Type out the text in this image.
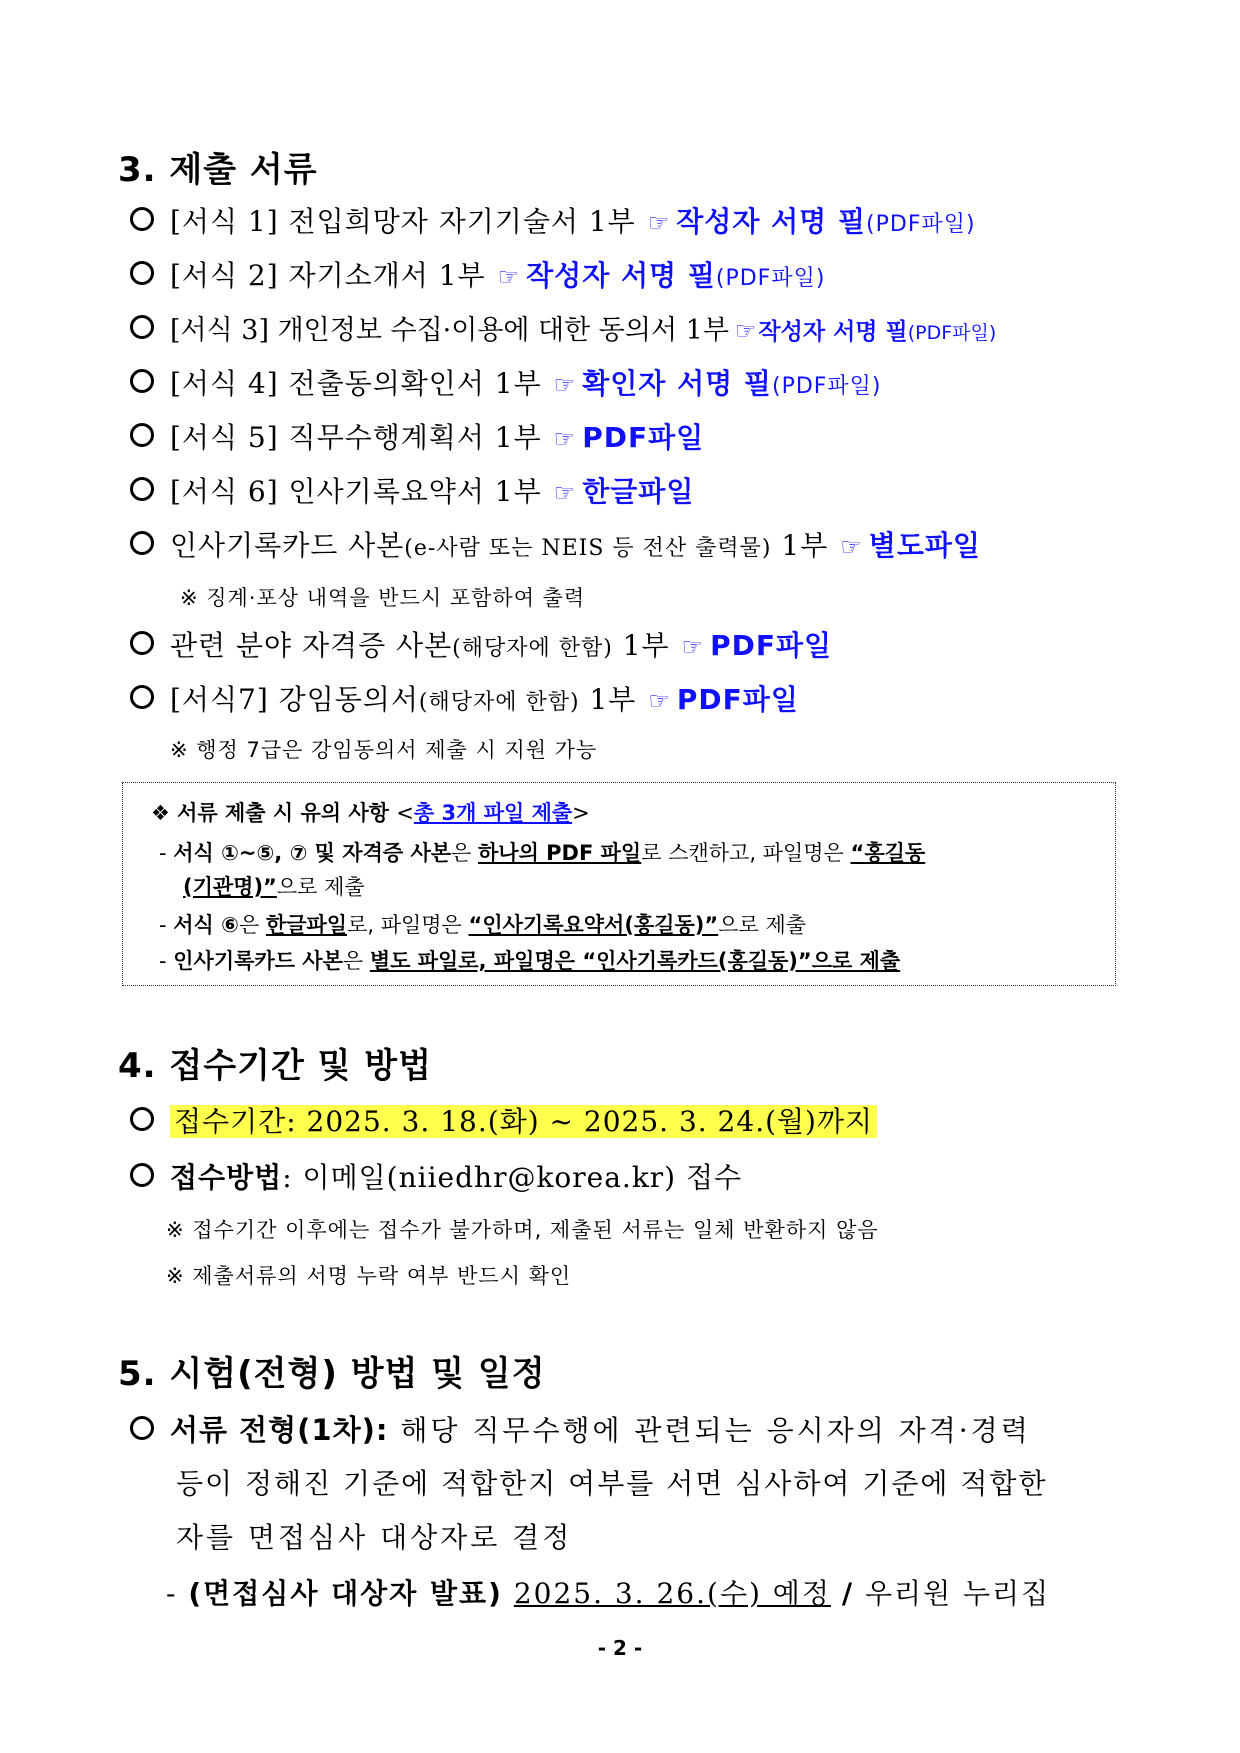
3. 제출 서류
[서식 1] 전입희망자 자기기술서 1부 ☞ 작성자 서명 필(PDF파일)
[서식 2] 자기소개서 1부 ☞ 작성자 서명 필(PDF파일)
[서식 3] 개인정보 수집·이용에 대한 동의서 1부 ☞작성자 서명 필(PDF파일)
[서식 4] 전출동의확인서 1부 ☞ 확인자 서명 필(PDF파일)
[서식 5] 직무수행계획서 1부 ☞ PDF파일
[서식 6] 인사기록요약서 1부 ☞ 한글파일
인사기록카드 사본(e-사람 또는 NEIS 등 전산 출력물) 1부 ☞ 별도파일
※ 징계·포상 내역을 반드시 포함하여 출력
관련 분야 자격증 사본(해당자에 한함) 1부 ☞ PDF파일
[서식7] 강임동의서(해당자에 한함) 1부 ☞ PDF파일
※ 행정 7급은 강임동의서 제출 시 지원 가능
❖ 서류 제출 시 유의 사항 <총 3개 파일 제출>
- 서식 ①~⑤, ⑦ 및 자격증 사본은 하나의 PDF 파일로 스캔하고, 파일명은 “홍길동
(기관명)”으로 제출
- 서식 ⑥은 한글파일로, 파일명은 “인사기록요약서(홍길동)”으로 제출
- 인사기록카드 사본은 별도 파일로, 파일명은 “인사기록카드(홍길동)”으로 제출
4. 접수기간 및 방법
접수기간: 2025. 3. 18.(화) ~ 2025. 3. 24.(월)까지
접수방법: 이메일(niiedhr@korea.kr) 접수
※ 접수기간 이후에는 접수가 불가하며, 제출된 서류는 일체 반환하지 않음
※ 제출서류의 서명 누락 여부 반드시 확인
5. 시험(전형) 방법 및 일정
서류 전형(1차): 해당 직무수행에 관련되는 응시자의 자격·경력
등이 정해진 기준에 적합한지 여부를 서면 심사하여 기준에 적합한
자를 면접심사 대상자로 결정
- (면접심사 대상자 발표) 2025. 3. 26.(수) 예정 / 우리원 누리집
- 2 -
